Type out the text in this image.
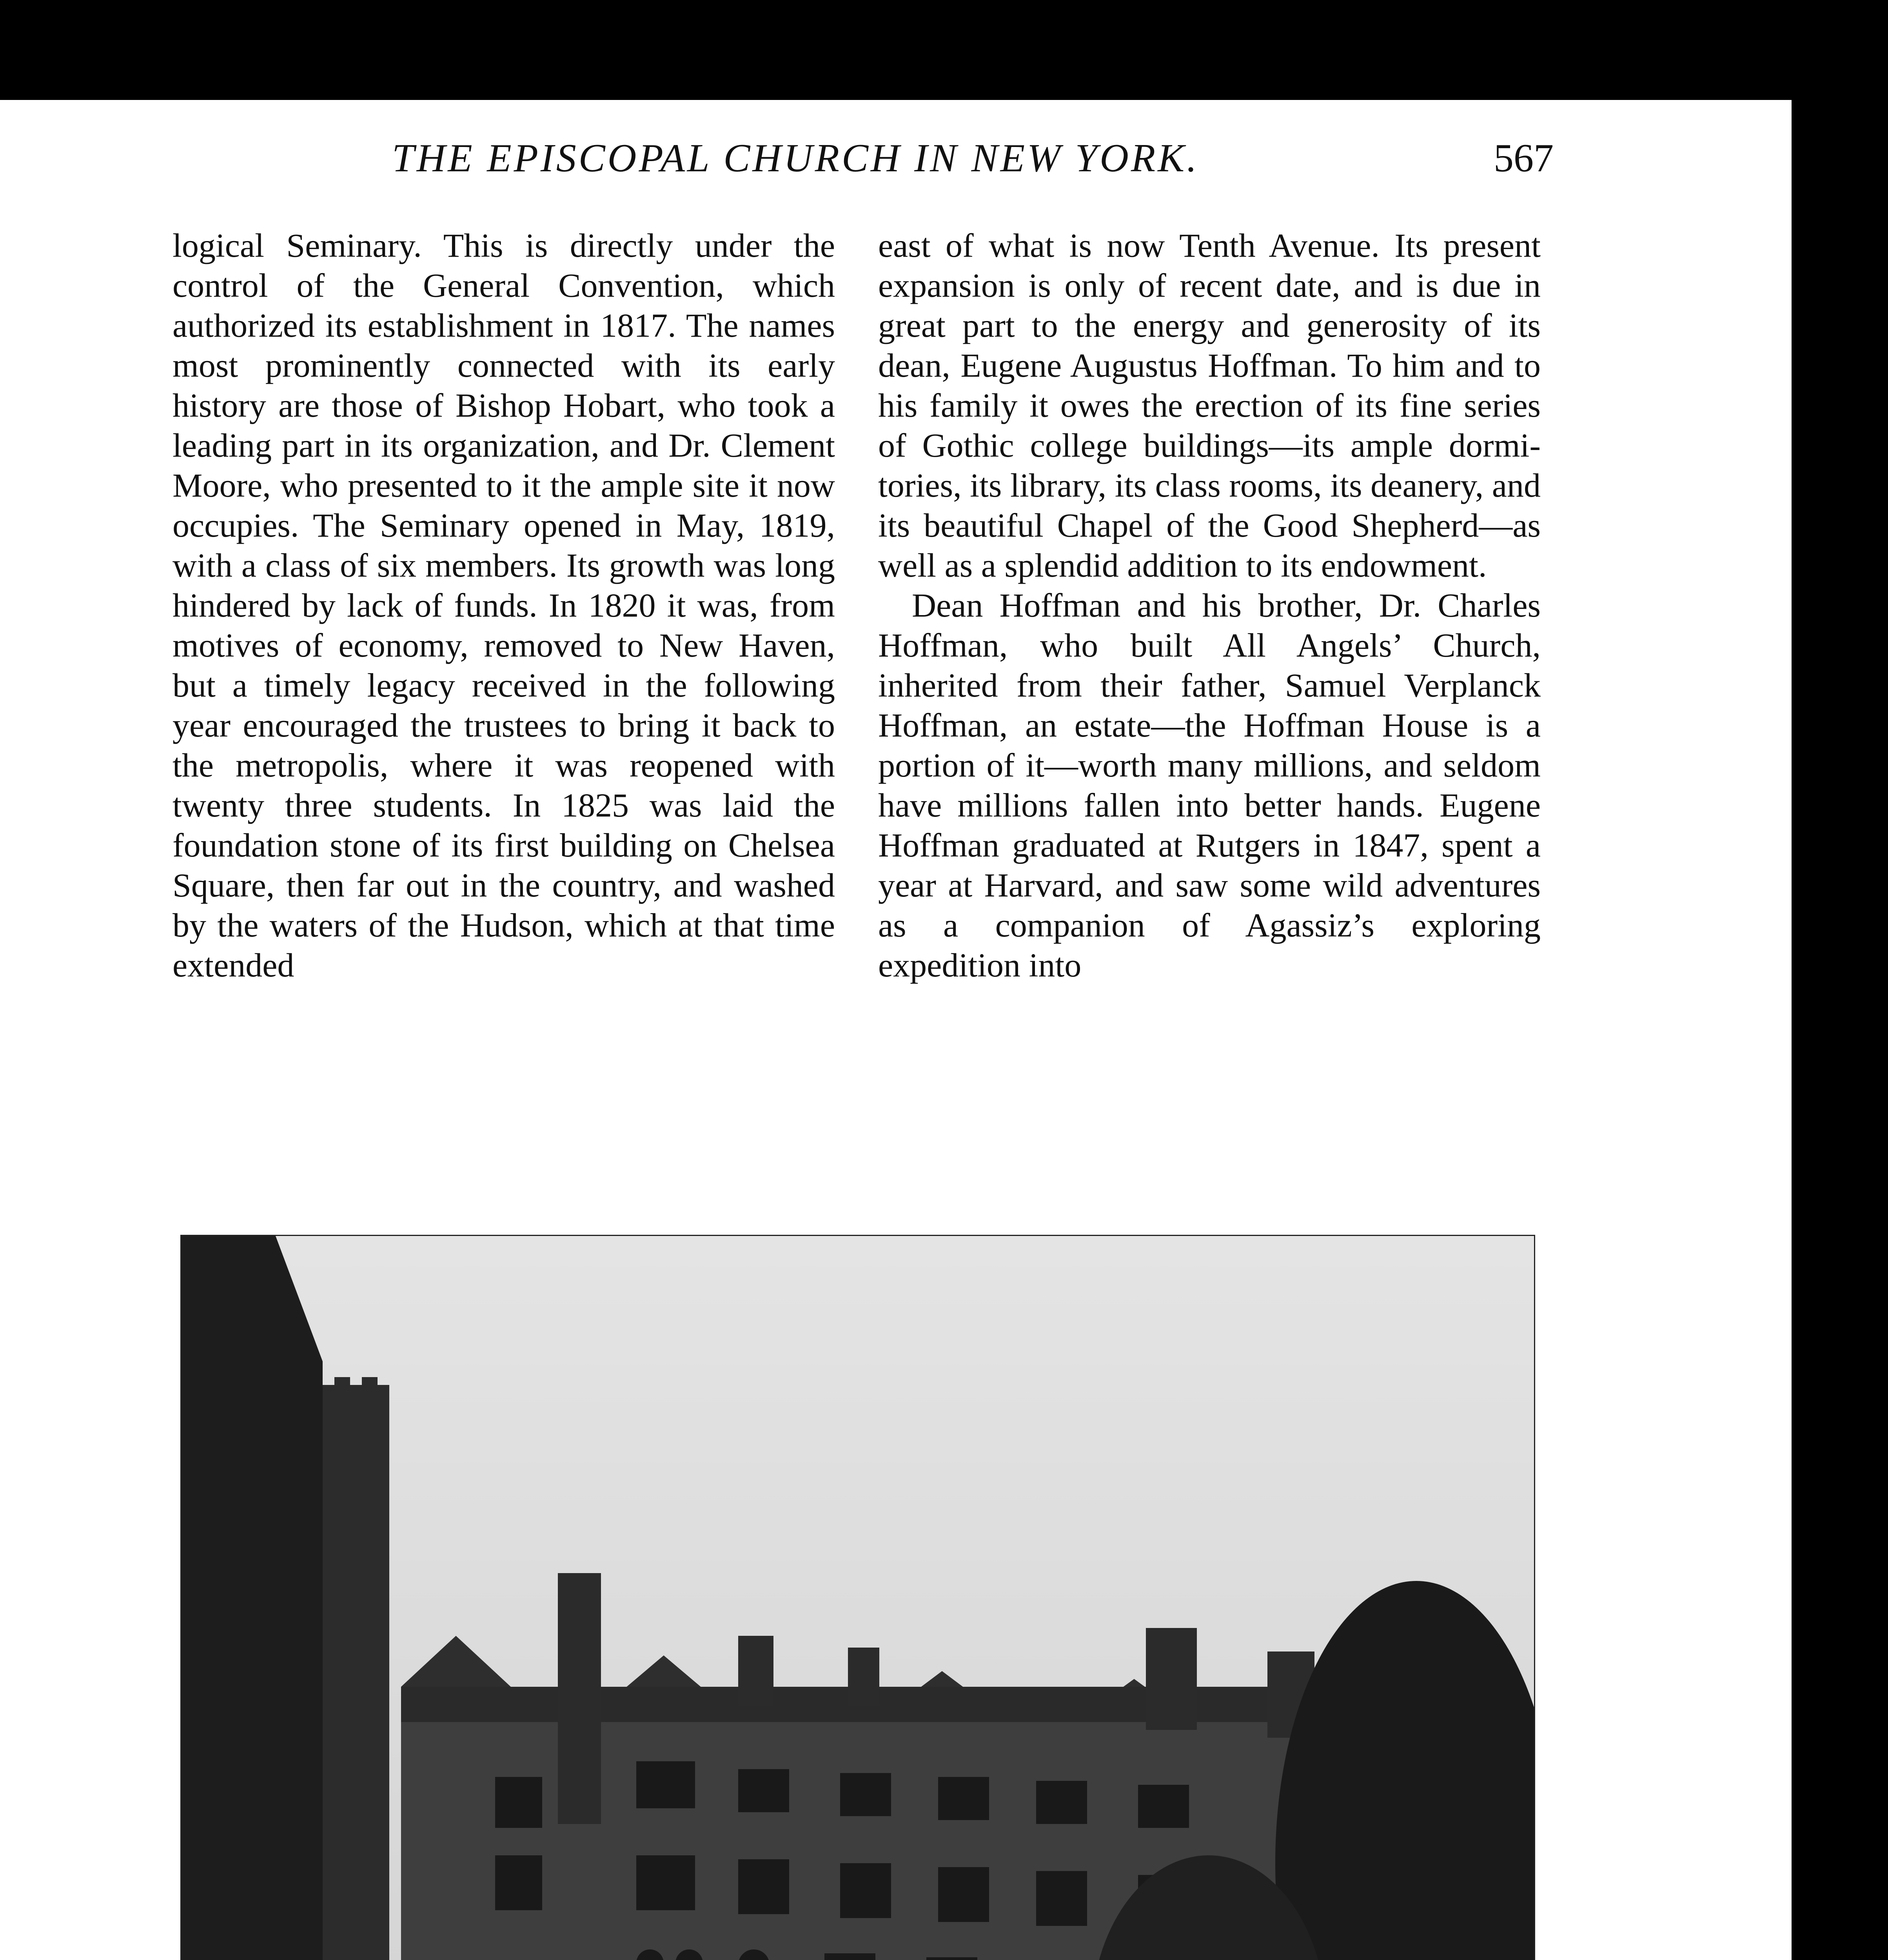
THE EPISCOPAL CHURCH IN NEW YORK.	567

logical Seminary. This is directly under the control of the General Convention, which authorized its establishment in 1817. The names most prominently connected with its early history are those of Bishop Hobart, who took a leading part in its organization, and Dr. Clement Moore, who presented to it the ample site it now occupies. The Seminary opened in May, 1819, with a class of six members. Its growth was long hindered by lack of funds. In 1820 it was, from motives of economy, removed to New Haven, but a timely legacy received in the following year encouraged the trustees to bring it back to the metropolis, where it was reopened with twenty three students. In 1825 was laid the foundation stone of its first building on Chelsea Square, then far out in the country, and washed by the waters of the Hudson, which at that time extended

east of what is now Tenth Avenue. Its present expansion is only of recent date, and is due in great part to the energy and generosity of its dean, Eugene Augustus Hoffman. To him and to his family it owes the erection of its fine series of Gothic college buildings—its ample dormitories, its library, its class rooms, its deanery, and its beautiful Chapel of the Good Shepherd—as well as a splendid addition to its endowment.

Dean Hoffman and his brother, Dr. Charles Hoffman, who built All Angels’ Church, inherited from their father, Samuel Verplanck Hoffman, an estate—the Hoffman House is a portion of it—worth many millions, and seldom have millions fallen into better hands. Eugene Hoffman graduated at Rutgers in 1847, spent a year at Harvard, and saw some wild adventures as a companion of Agassiz’s exploring expedition into
